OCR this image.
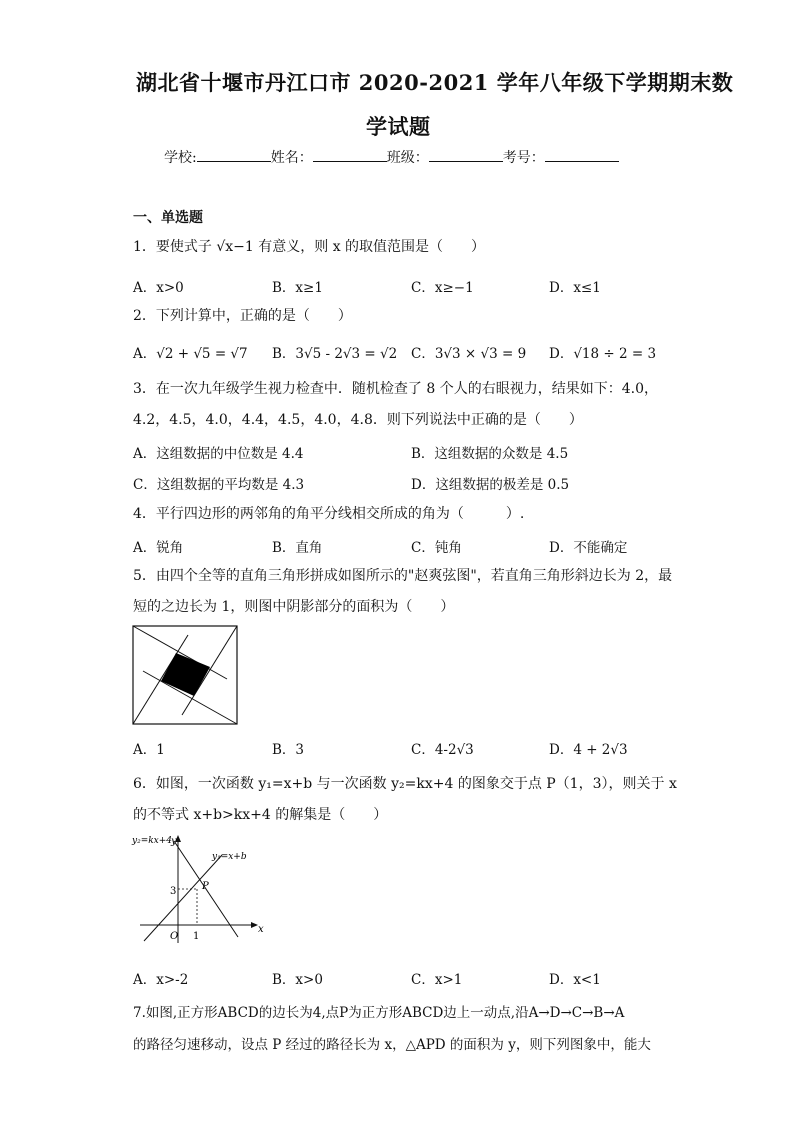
湖北省十堰市丹江口市 2020-2021 学年八年级下学期期末数
学试题
学校:	姓名：	班级：	考号：
一、单选题
1．要使式子 √x−1 有意义，则 x 的取值范围是（　　）
A．x>0	B．x≥1	C．x≥−1	D．x≤1
2．下列计算中，正确的是（　　）
A．√2 + √5 = √7 B．3√5 - 2√3 = √2 C．3√3 × √3 = 9 D．√18 ÷ 2 = 3
3．在一次九年级学生视力检查中．随机检查了 8 个人的右眼视力，结果如下：4.0，
4.2，4.5，4.0，4.4，4.5，4.0，4.8．则下列说法中正确的是（　　）
A．这组数据的中位数是 4.4	B．这组数据的众数是 4.5
C．这组数据的平均数是 4.3	D．这组数据的极差是 0.5
4．平行四边形的两邻角的角平分线相交所成的角为（　　　）.
A．锐角	B．直角	C．钝角	D．不能确定
5．由四个全等的直角三角形拼成如图所示的"赵爽弦图"，若直角三角形斜边长为 2，最
短的之边长为 1，则图中阴影部分的面积为（　　）
A．1	B．3	C．4-2√3	D．4 + 2√3
6．如图，一次函数 y₁=x+b 与一次函数 y₂=kx+4 的图象交于点 P（1，3），则关于 x
的不等式 x+b>kx+4 的解集是（　　）
y₂=kx+4
y₁=x+b
P
3
O 1
x
y
A．x>-2	B．x>0	C．x>1	D．x<1
7.如图,正方形ABCD的边长为4,点P为正方形ABCD边上一动点,沿A→D→C→B→A
的路径匀速移动，设点 P 经过的路径长为 x，△APD 的面积为 y，则下列图象中，能大
